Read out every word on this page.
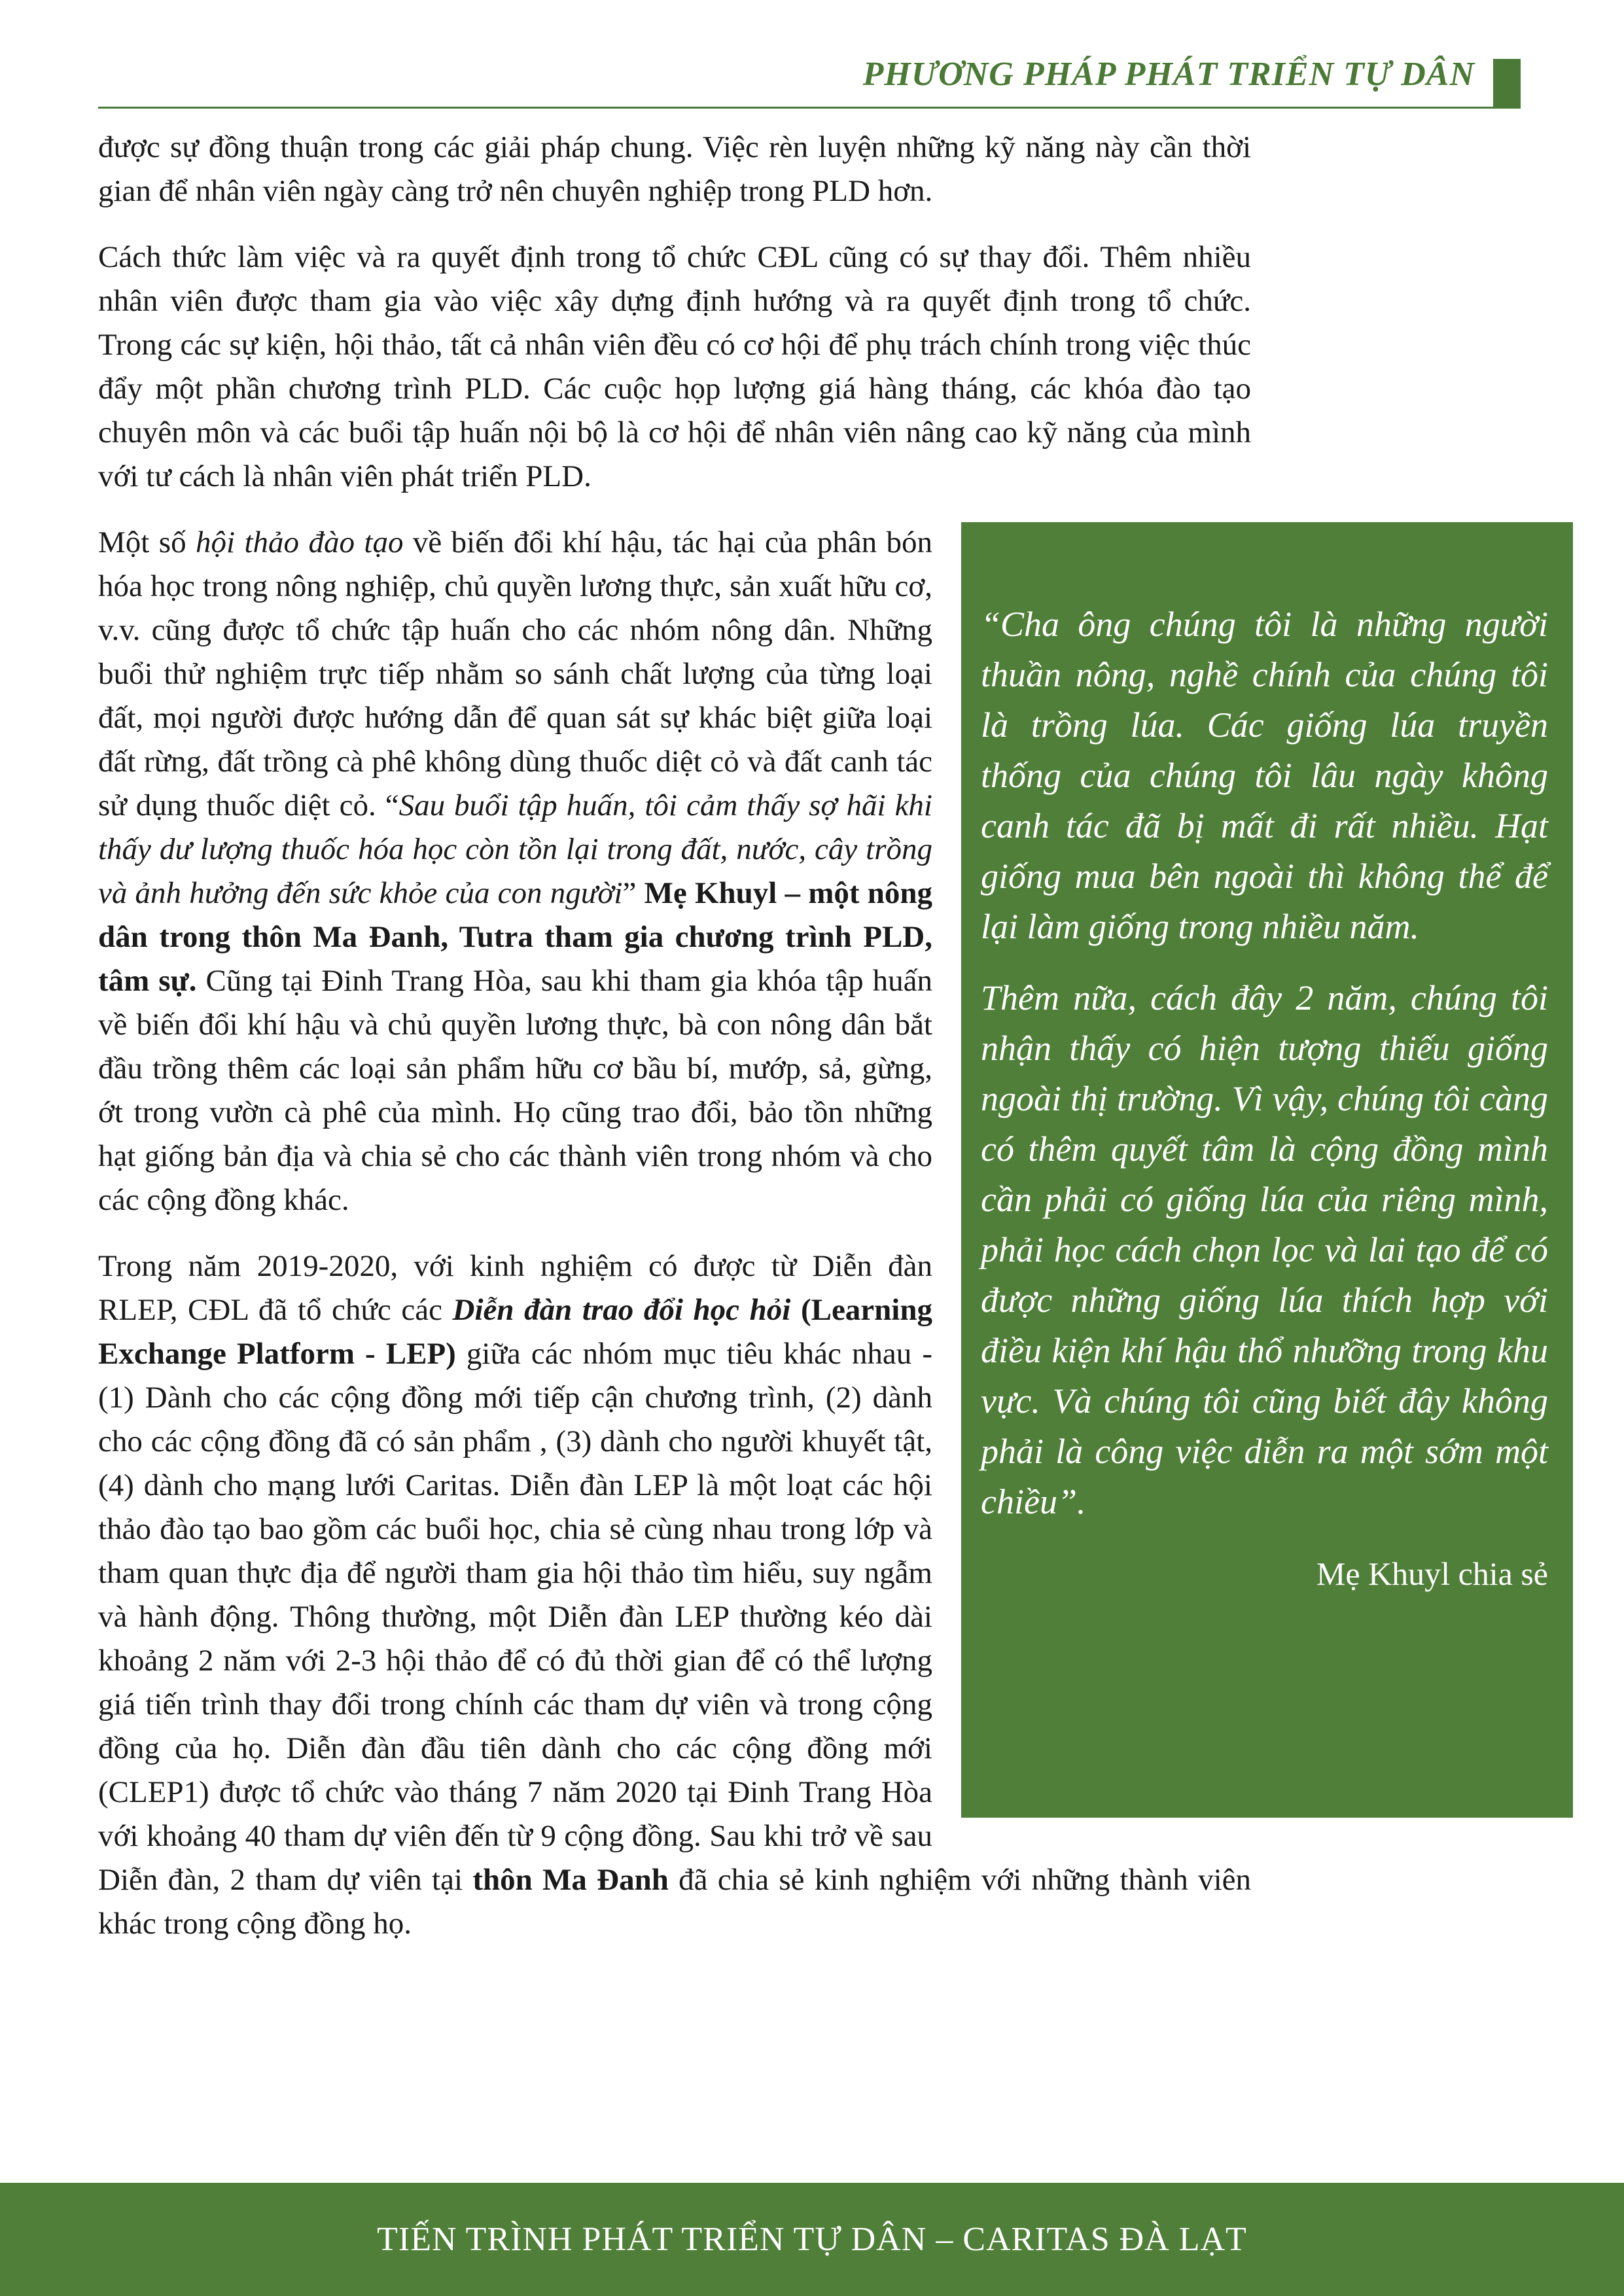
PHƯƠNG PHÁP PHÁT TRIỂN TỰ DÂN

được sự đồng thuận trong các giải pháp chung. Việc rèn luyện những kỹ năng này cần thời gian để nhân viên ngày càng trở nên chuyên nghiệp trong PLD hơn.

Cách thức làm việc và ra quyết định trong tổ chức CĐL cũng có sự thay đổi. Thêm nhiều nhân viên được tham gia vào việc xây dựng định hướng và ra quyết định trong tổ chức. Trong các sự kiện, hội thảo, tất cả nhân viên đều có cơ hội để phụ trách chính trong việc thúc đẩy một phần chương trình PLD. Các cuộc họp lượng giá hàng tháng, các khóa đào tạo chuyên môn và các buổi tập huấn nội bộ là cơ hội để nhân viên nâng cao kỹ năng của mình với tư cách là nhân viên phát triển PLD.

“Cha ông chúng tôi là những người thuần nông, nghề chính của chúng tôi là trồng lúa. Các giống lúa truyền thống của chúng tôi lâu ngày không canh tác đã bị mất đi rất nhiều. Hạt giống mua bên ngoài thì không thể để lại làm giống trong nhiều năm.

Thêm nữa, cách đây 2 năm, chúng tôi nhận thấy có hiện tượng thiếu giống ngoài thị trường. Vì vậy, chúng tôi càng có thêm quyết tâm là cộng đồng mình cần phải có giống lúa của riêng mình, phải học cách chọn lọc và lai tạo để có được những giống lúa thích hợp với điều kiện khí hậu thổ nhưỡng trong khu vực. Và chúng tôi cũng biết đây không phải là công việc diễn ra một sớm một chiều”.

Mẹ Khuyl chia sẻ

Một số hội thảo đào tạo về biến đổi khí hậu, tác hại của phân bón hóa học trong nông nghiệp, chủ quyền lương thực, sản xuất hữu cơ, v.v. cũng được tổ chức tập huấn cho các nhóm nông dân. Những buổi thử nghiệm trực tiếp nhằm so sánh chất lượng của từng loại đất, mọi người được hướng dẫn để quan sát sự khác biệt giữa loại đất rừng, đất trồng cà phê không dùng thuốc diệt cỏ và đất canh tác sử dụng thuốc diệt cỏ. “Sau buổi tập huấn, tôi cảm thấy sợ hãi khi thấy dư lượng thuốc hóa học còn tồn lại trong đất, nước, cây trồng và ảnh hưởng đến sức khỏe của con người” Mẹ Khuyl – một nông dân trong thôn Ma Đanh, Tutra tham gia chương trình PLD, tâm sự. Cũng tại Đinh Trang Hòa, sau khi tham gia khóa tập huấn về biến đổi khí hậu và chủ quyền lương thực, bà con nông dân bắt đầu trồng thêm các loại sản phẩm hữu cơ bầu bí, mướp, sả, gừng, ớt trong vườn cà phê của mình. Họ cũng trao đổi, bảo tồn những hạt giống bản địa và chia sẻ cho các thành viên trong nhóm và cho các cộng đồng khác.

Trong năm 2019-2020, với kinh nghiệm có được từ Diễn đàn RLEP, CĐL đã tổ chức các Diễn đàn trao đổi học hỏi (Learning Exchange Platform - LEP) giữa các nhóm mục tiêu khác nhau - (1) Dành cho các cộng đồng mới tiếp cận chương trình, (2) dành cho các cộng đồng đã có sản phẩm , (3) dành cho người khuyết tật, (4) dành cho mạng lưới Caritas. Diễn đàn LEP là một loạt các hội thảo đào tạo bao gồm các buổi học, chia sẻ cùng nhau trong lớp và tham quan thực địa để người tham gia hội thảo tìm hiểu, suy ngẫm và hành động. Thông thường, một Diễn đàn LEP thường kéo dài khoảng 2 năm với 2-3 hội thảo để có đủ thời gian để có thể lượng giá tiến trình thay đổi trong chính các tham dự viên và trong cộng đồng của họ. Diễn đàn đầu tiên dành cho các cộng đồng mới (CLEP1) được tổ chức vào tháng 7 năm 2020 tại Đinh Trang Hòa với khoảng 40 tham dự viên đến từ 9 cộng đồng. Sau khi trở về sau Diễn đàn, 2 tham dự viên tại thôn Ma Đanh đã chia sẻ kinh nghiệm với những thành viên khác trong cộng đồng họ.

TIẾN TRÌNH PHÁT TRIỂN TỰ DÂN – CARITAS ĐÀ LẠT
